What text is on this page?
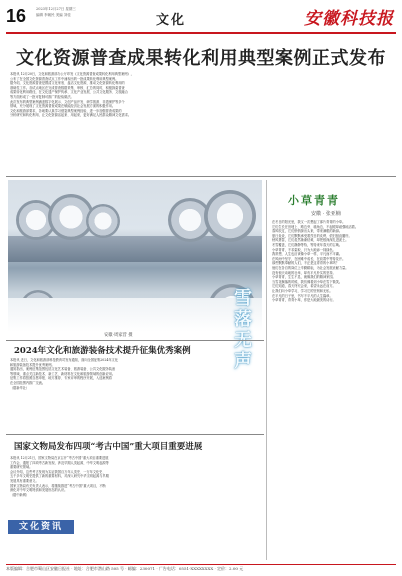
16	2023年12月27日 星期三
编辑 李朝民 美编 刘佳	文化	安徽科技报
文化资源普查成果转化利用典型案例正式发布
本报讯 12月20日，文化和旅游部办公厅印发《文化资源普查成果转化利用典型案例》，
公布了在全国文化资源普查试点工作中涌现出的一批成果转化利用典型案例。
据介绍，文化资源普查是摸清文化家底、盘活文化资源、推动文化资源转化利用的
基础性工作。各试点地区在完成普查数据采集、审核、汇总的同时，积极探索普查
成果转化利用路径，在文化遗产保护传承、文化产业发展、公共文化服务、文旅融合
等方面形成了一批可复制可推广的经验做法。
此次发布的典型案例涵盖数字化展示、文创产品开发、研学旅游、非遗保护等多个
领域，充分展现了文化资源普查成果在赋能经济社会发展方面的积极作用。
文化和旅游部要求，各地要认真学习借鉴典型案例经验，进一步加强普查成果的
分析研究和转化利用，让文化资源活起来、用起来，更好满足人民群众精神文化需求。
雪落无声
安徽·周家营 摄
小草青青
安徽 · 张亚楠
在冬日的阳光里，我又一次想起了那片青青的小草。
它们生长在田埂上、路边旁、墙角边，不起眼却顽强地活着。
春风吹过，它们悄悄探出头来，带来满眼的新绿。
夏日炎炎，它们默默承受着烈日的炙烤，依旧挺直腰杆。
秋风萧瑟，它们虽然渐渐枯黄，却把根深深扎进泥土。
冬雪覆盖，它们静静等待，等待来年春天的召唤。
小草青青，不求索取，只为大地添一抹绿色。
我常想，人生也应该像小草一样，平凡而不平庸。
在风雨中坚守，在困难中成长，在寂寞中等待花开。
那些默默奉献的人们，不正是这青青的小草吗？
他们在各自的岗位上辛勤耕耘，为社会发展贡献力量。
没有惊天动地的壮举，却有平凡朴实的坚持。
小草青青，生生不息，就像我们的精神家园。
当雪花飘落的时候，我仿佛看到小草在雪下微笑。
它们知道，春天终究会来，希望永远在前方。
让我们向小草学习，学习它的坚韧和无私。
在平凡的日子里，书写不平凡的人生篇章。
小草青青，青青小草，你是大地最美的诗行。
2024年文化和旅游装备技术提升征集优秀案例
本报讯 近日，文化和旅游部科技教育司发布通知，面向全国征集2024年文化
和旅游装备技术提升优秀案例。
通知指出，案例征集范围包括文化艺术装备、旅游装备、公共文化服务装备
等领域，重点关注新技术、新工艺、新材料在文化和旅游领域的创新应用。
征集工作将按照自愿申报、地方推荐、专家评审的程序开展，入选案例将
在全国范围内推广交流。
（据新华社）
国家文物局发布四项“考古中国”重大项目重要进展
本报讯 12月21日，国家文物局在京召开“考古中国”重大项目重要进展
工作会，通报了四项考古新发现，涉及早期人类起源、中华文明起源等
重要研究领域。
会议介绍，这些考古发现为实证我国百万年人类史、一万年文化史、
五千多年文明史提供了新的重要材料，对深入研究中华文明起源与早期
发展具有重要意义。
国家文物局有关负责人表示，将继续推进“考古中国”重大项目，不断
深化对中华文明特质和发展形态的认识。
（据中新网）
文化资讯
本版编辑：合肥市蜀山区安徽日报社 · 地址：合肥市潜山路 505 号 · 邮编：230071 · 广告电话：0551-XXXXXXXX · 定价：2.00 元
